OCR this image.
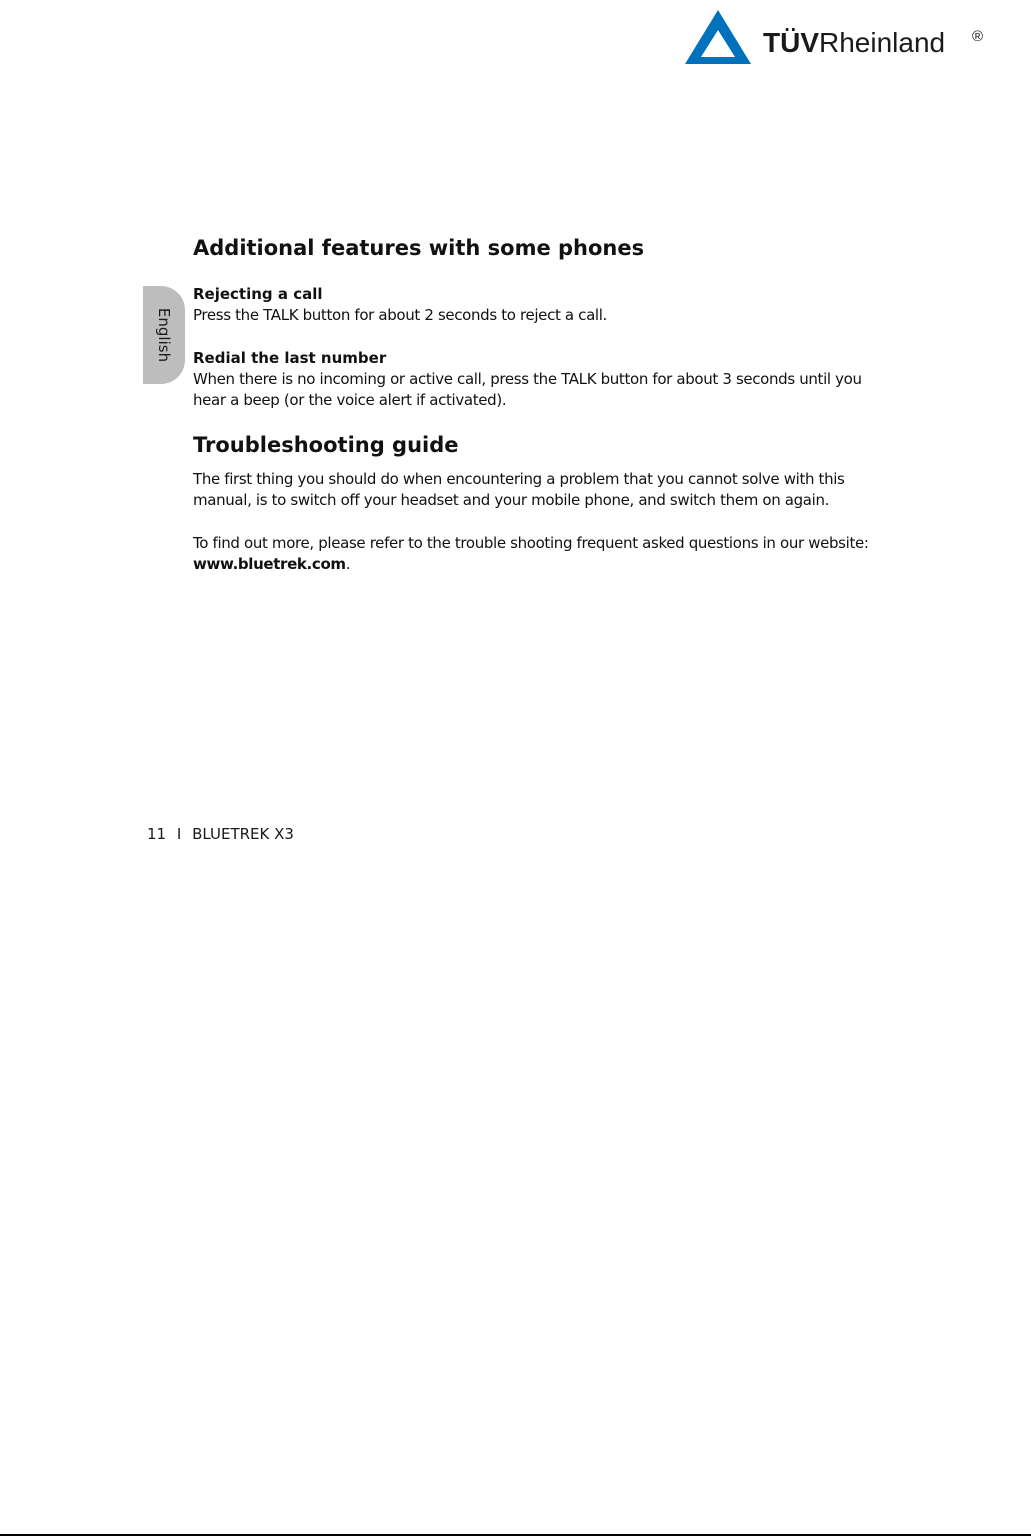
TÜVRheinland ®
English
Additional features with some phones
Rejecting a call

Press the TALK button for about 2 seconds to reject a call.

Redial the last number

When there is no incoming or active call, press the TALK button for about 3 seconds until you hear a beep (or the voice alert if activated).

Troubleshooting guide

The first thing you should do when encountering a problem that you cannot solve with this manual, is to switch off your headset and your mobile phone, and switch them on again.

To find out more, please refer to the trouble shooting frequent asked questions in our website: www.bluetrek.com.

11 I BLUETREK X3
